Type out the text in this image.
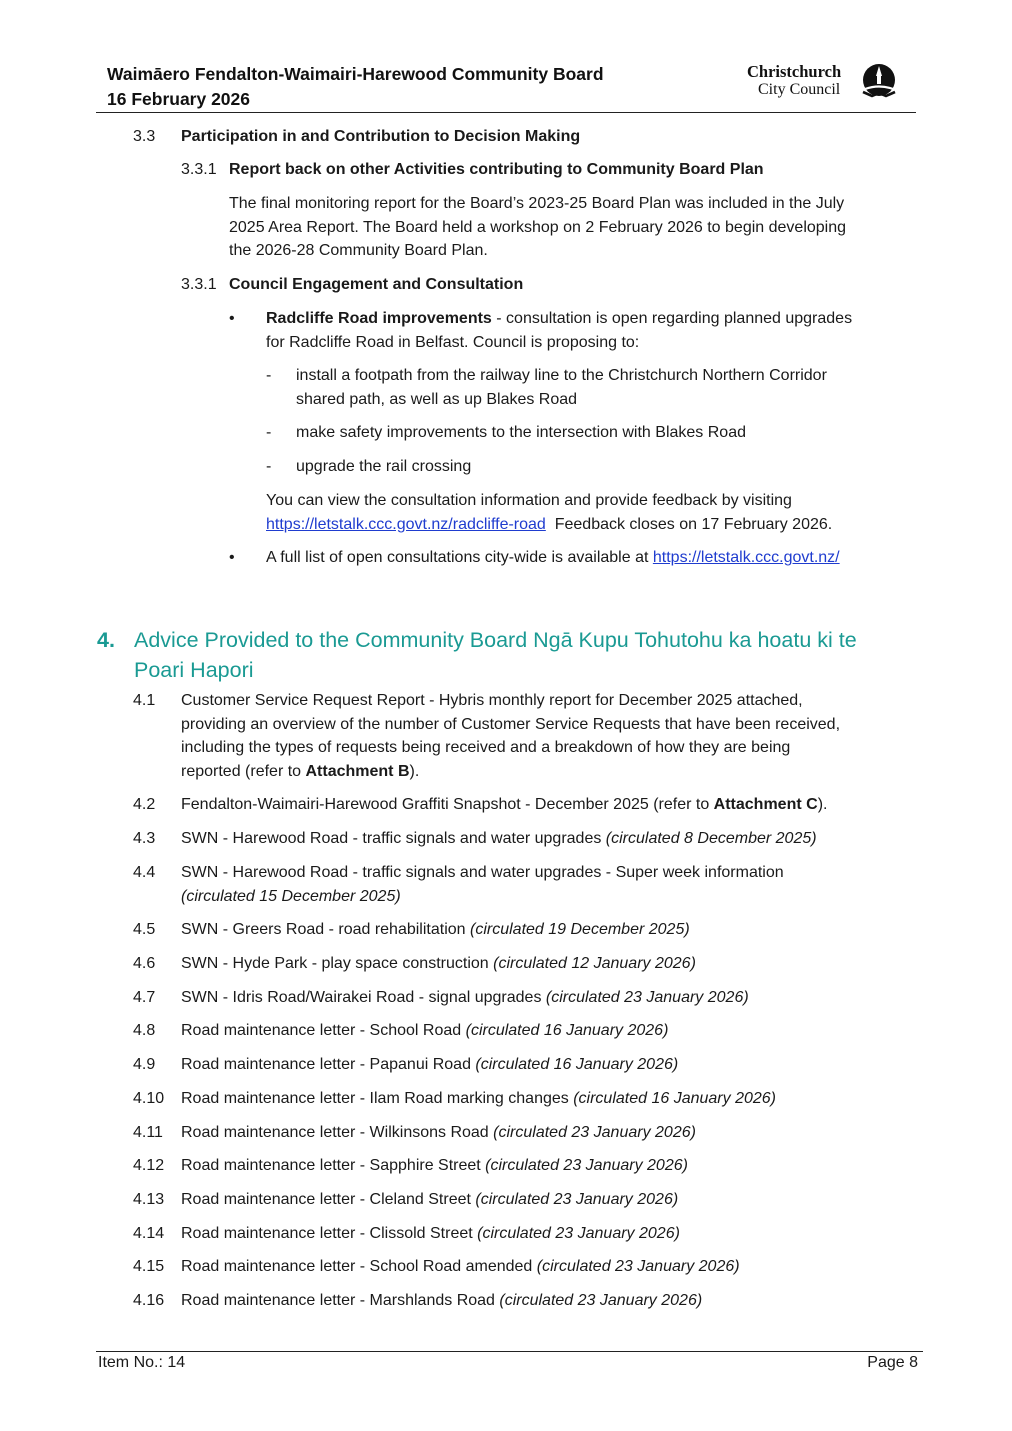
Waimāero Fendalton-Waimairi-Harewood Community Board
16 February 2026
Christchurch
City Council
3.3 Participation in and Contribution to Decision Making
3.3.1 Report back on other Activities contributing to Community Board Plan
The final monitoring report for the Board’s 2023-25 Board Plan was included in the July
2025 Area Report. The Board held a workshop on 2 February 2026 to begin developing
the 2026-28 Community Board Plan.
3.3.1 Council Engagement and Consultation
• Radcliffe Road improvements - consultation is open regarding planned upgrades
for Radcliffe Road in Belfast. Council is proposing to:
- install a footpath from the railway line to the Christchurch Northern Corridor
shared path, as well as up Blakes Road
- make safety improvements to the intersection with Blakes Road
- upgrade the rail crossing
You can view the consultation information and provide feedback by visiting
https://letstalk.ccc.govt.nz/radcliffe-road  Feedback closes on 17 February 2026.
• A full list of open consultations city-wide is available at https://letstalk.ccc.govt.nz/
4. Advice Provided to the Community Board Ngā Kupu Tohutohu ka hoatu ki te
Poari Hapori
4.1 Customer Service Request Report - Hybris monthly report for December 2025 attached,
providing an overview of the number of Customer Service Requests that have been received,
including the types of requests being received and a breakdown of how they are being
reported (refer to Attachment B).
4.2 Fendalton-Waimairi-Harewood Graffiti Snapshot - December 2025 (refer to Attachment C).
4.3 SWN - Harewood Road - traffic signals and water upgrades (circulated 8 December 2025)
4.4 SWN - Harewood Road - traffic signals and water upgrades - Super week information
(circulated 15 December 2025)
4.5 SWN - Greers Road - road rehabilitation (circulated 19 December 2025)
4.6 SWN - Hyde Park - play space construction (circulated 12 January 2026)
4.7 SWN - Idris Road/Wairakei Road - signal upgrades (circulated 23 January 2026)
4.8 Road maintenance letter - School Road (circulated 16 January 2026)
4.9 Road maintenance letter - Papanui Road (circulated 16 January 2026)
4.10 Road maintenance letter - Ilam Road marking changes (circulated 16 January 2026)
4.11 Road maintenance letter - Wilkinsons Road (circulated 23 January 2026)
4.12 Road maintenance letter - Sapphire Street (circulated 23 January 2026)
4.13 Road maintenance letter - Cleland Street (circulated 23 January 2026)
4.14 Road maintenance letter - Clissold Street (circulated 23 January 2026)
4.15 Road maintenance letter - School Road amended (circulated 23 January 2026)
4.16 Road maintenance letter - Marshlands Road (circulated 23 January 2026)
Item No.: 14	Page 8
